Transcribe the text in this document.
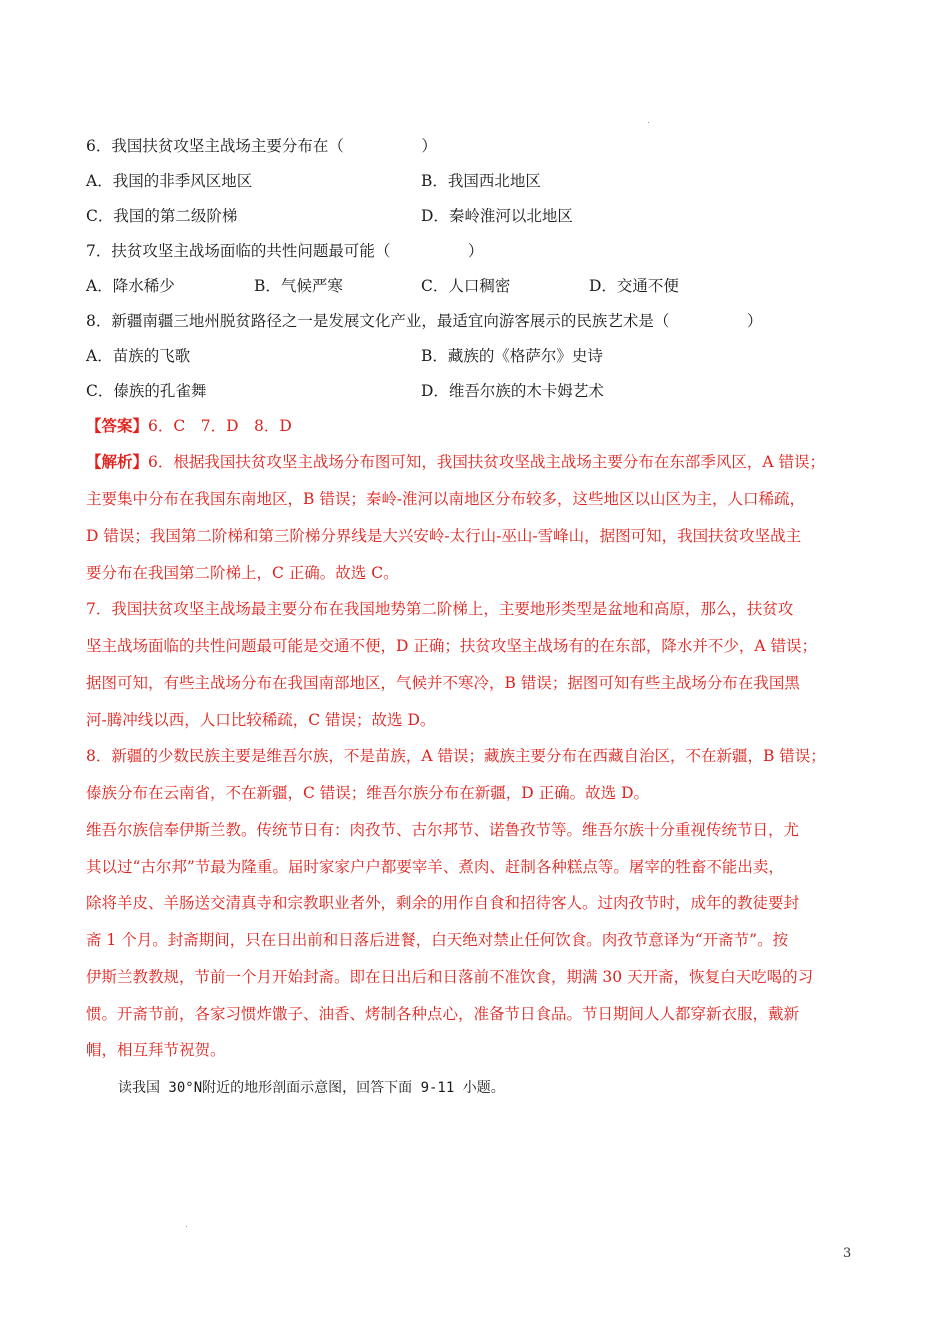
6．我国扶贫攻坚主战场主要分布在（　　　　　）
A．我国的非季风区地区	B．我国西北地区
C．我国的第二级阶梯	D．秦岭淮河以北地区
7．扶贫攻坚主战场面临的共性问题最可能（　　　　　）
A．降水稀少	B．气候严寒	C．人口稠密	D．交通不便
8．新疆南疆三地州脱贫路径之一是发展文化产业，最适宜向游客展示的民族艺术是（　　　　　）
A．苗族的飞歌	B．藏族的《格萨尔》史诗
C．傣族的孔雀舞	D．维吾尔族的木卡姆艺术
【答案】6．C　7．D　8．D
【解析】6．根据我国扶贫攻坚主战场分布图可知，我国扶贫攻坚战主战场主要分布在东部季风区，A 错误；
主要集中分布在我国东南地区，B 错误；秦岭-淮河以南地区分布较多，这些地区以山区为主，人口稀疏，
D 错误；我国第二阶梯和第三阶梯分界线是大兴安岭-太行山-巫山-雪峰山，据图可知，我国扶贫攻坚战主
要分布在我国第二阶梯上，C 正确。故选 C。
7．我国扶贫攻坚主战场最主要分布在我国地势第二阶梯上，主要地形类型是盆地和高原，那么，扶贫攻
坚主战场面临的共性问题最可能是交通不便，D 正确；扶贫攻坚主战场有的在东部，降水并不少，A 错误；
据图可知，有些主战场分布在我国南部地区，气候并不寒冷，B 错误；据图可知有些主战场分布在我国黑
河-腾冲线以西，人口比较稀疏，C 错误；故选 D。
8．新疆的少数民族主要是维吾尔族，不是苗族，A 错误；藏族主要分布在西藏自治区，不在新疆，B 错误；
傣族分布在云南省，不在新疆，C 错误；维吾尔族分布在新疆，D 正确。故选 D。
维吾尔族信奉伊斯兰教。传统节日有：肉孜节、古尔邦节、诺鲁孜节等。维吾尔族十分重视传统节日，尤
其以过“古尔邦”节最为隆重。届时家家户户都要宰羊、煮肉、赶制各种糕点等。屠宰的牲畜不能出卖，
除将羊皮、羊肠送交清真寺和宗教职业者外，剩余的用作自食和招待客人。过肉孜节时，成年的教徒要封
斋 1 个月。封斋期间，只在日出前和日落后进餐，白天绝对禁止任何饮食。肉孜节意译为“开斋节”。按
伊斯兰教教规，节前一个月开始封斋。即在日出后和日落前不准饮食，期满 30 天开斋，恢复白天吃喝的习
惯。开斋节前，各家习惯炸馓子、油香、烤制各种点心，准备节日食品。节日期间人人都穿新衣服，戴新
帽，相互拜节祝贺。
读我国 30°N附近的地形剖面示意图，回答下面 9-11 小题。
3
